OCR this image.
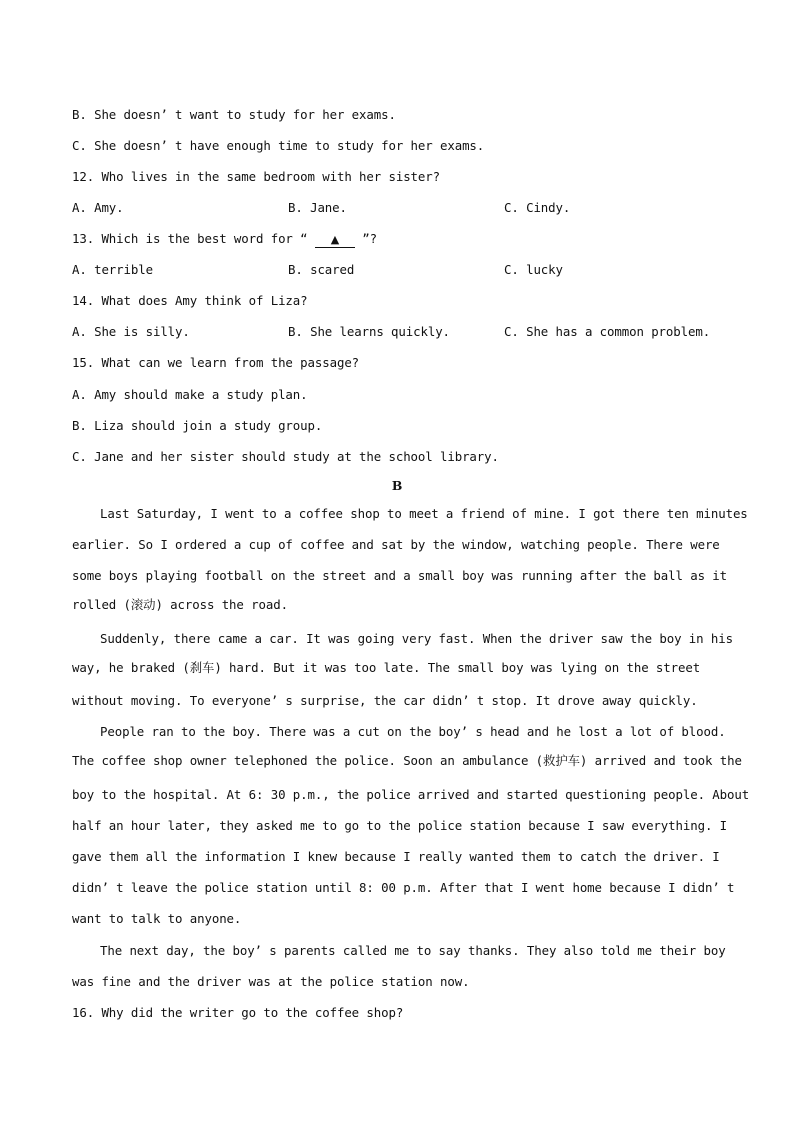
B. She doesn’ t want to study for her exams.

C. She doesn’ t have enough time to study for her exams.

12. Who lives in the same bedroom with her sister?

A. Amy.	B. Jane.	C. Cindy.

13. Which is the best word for “ ▲ ”?

A. terrible	B. scared	C. lucky

14. What does Amy think of Liza?

A. She is silly.	B. She learns quickly.	C. She has a common problem.

15. What can we learn from the passage?

A. Amy should make a study plan.

B. Liza should join a study group.

C. Jane and her sister should study at the school library.

B

Last Saturday, I went to a coffee shop to meet a friend of mine. I got there ten minutes

earlier. So I ordered a cup of coffee and sat by the window, watching people. There were

some boys playing football on the street and a small boy was running after the ball as it

rolled (滚动) across the road.

Suddenly, there came a car. It was going very fast. When the driver saw the boy in his

way, he braked (刹车) hard. But it was too late. The small boy was lying on the street

without moving. To everyone’ s surprise, the car didn’ t stop. It drove away quickly.

People ran to the boy. There was a cut on the boy’ s head and he lost a lot of blood.

The coffee shop owner telephoned the police. Soon an ambulance (救护车) arrived and took the

boy to the hospital. At 6: 30 p.m., the police arrived and started questioning people. About

half an hour later, they asked me to go to the police station because I saw everything. I

gave them all the information I knew because I really wanted them to catch the driver. I

didn’ t leave the police station until 8: 00 p.m. After that I went home because I didn’ t

want to talk to anyone.

The next day, the boy’ s parents called me to say thanks. They also told me their boy

was fine and the driver was at the police station now.

16. Why did the writer go to the coffee shop?
